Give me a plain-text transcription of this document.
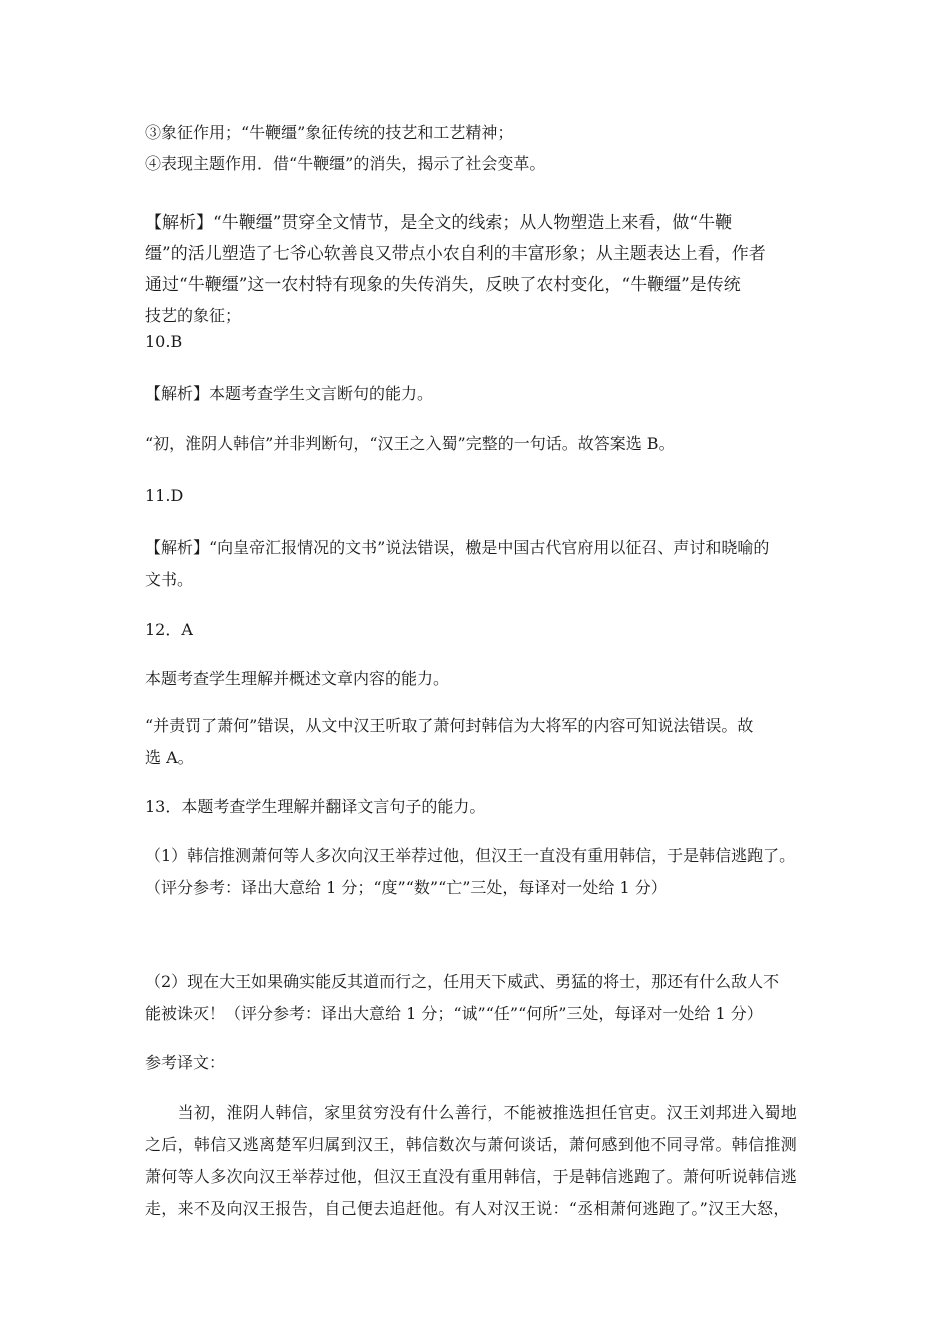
③象征作用；“牛鞭缰”象征传统的技艺和工艺精神；
④表现主题作用．借“牛鞭缰”的消失，揭示了社会变革。
【解析】“牛鞭缰”贯穿全文情节，是全文的线索；从人物塑造上来看，做“牛鞭
缰”的活儿塑造了七爷心软善良又带点小农自利的丰富形象；从主题表达上看，作者
通过“牛鞭缰”这一农村特有现象的失传消失，反映了农村变化，“牛鞭缰”是传统
技艺的象征；
10.B
【解析】本题考查学生文言断句的能力。
“初，淮阴人韩信”并非判断句，“汉王之入蜀”完整的一句话。故答案选 B。
11.D
【解析】“向皇帝汇报情况的文书”说法错误，檄是中国古代官府用以征召、声讨和晓喻的
文书。
12．A
本题考查学生理解并概述文章内容的能力。
“并责罚了萧何”错误，从文中汉王听取了萧何封韩信为大将军的内容可知说法错误。故
选 A。
13．本题考查学生理解并翻译文言句子的能力。
（1）韩信推测萧何等人多次向汉王举荐过他，但汉王一直没有重用韩信，于是韩信逃跑了。
（评分参考：译出大意给 1 分；“度”“数”“亡”三处，每译对一处给 1 分）
（2）现在大王如果确实能反其道而行之，任用天下威武、勇猛的将士，那还有什么敌人不
能被诛灭！（评分参考：译出大意给 1 分；“诚”“任”“何所”三处，每译对一处给 1 分）
参考译文：
　　当初，淮阴人韩信，家里贫穷没有什么善行，不能被推选担任官吏。汉王刘邦进入蜀地
之后，韩信又逃离楚军归属到汉王，韩信数次与萧何谈话，萧何感到他不同寻常。韩信推测
萧何等人多次向汉王举荐过他，但汉王直没有重用韩信，于是韩信逃跑了。萧何听说韩信逃
走，来不及向汉王报告，自己便去追赶他。有人对汉王说：“丞相萧何逃跑了。”汉王大怒，
